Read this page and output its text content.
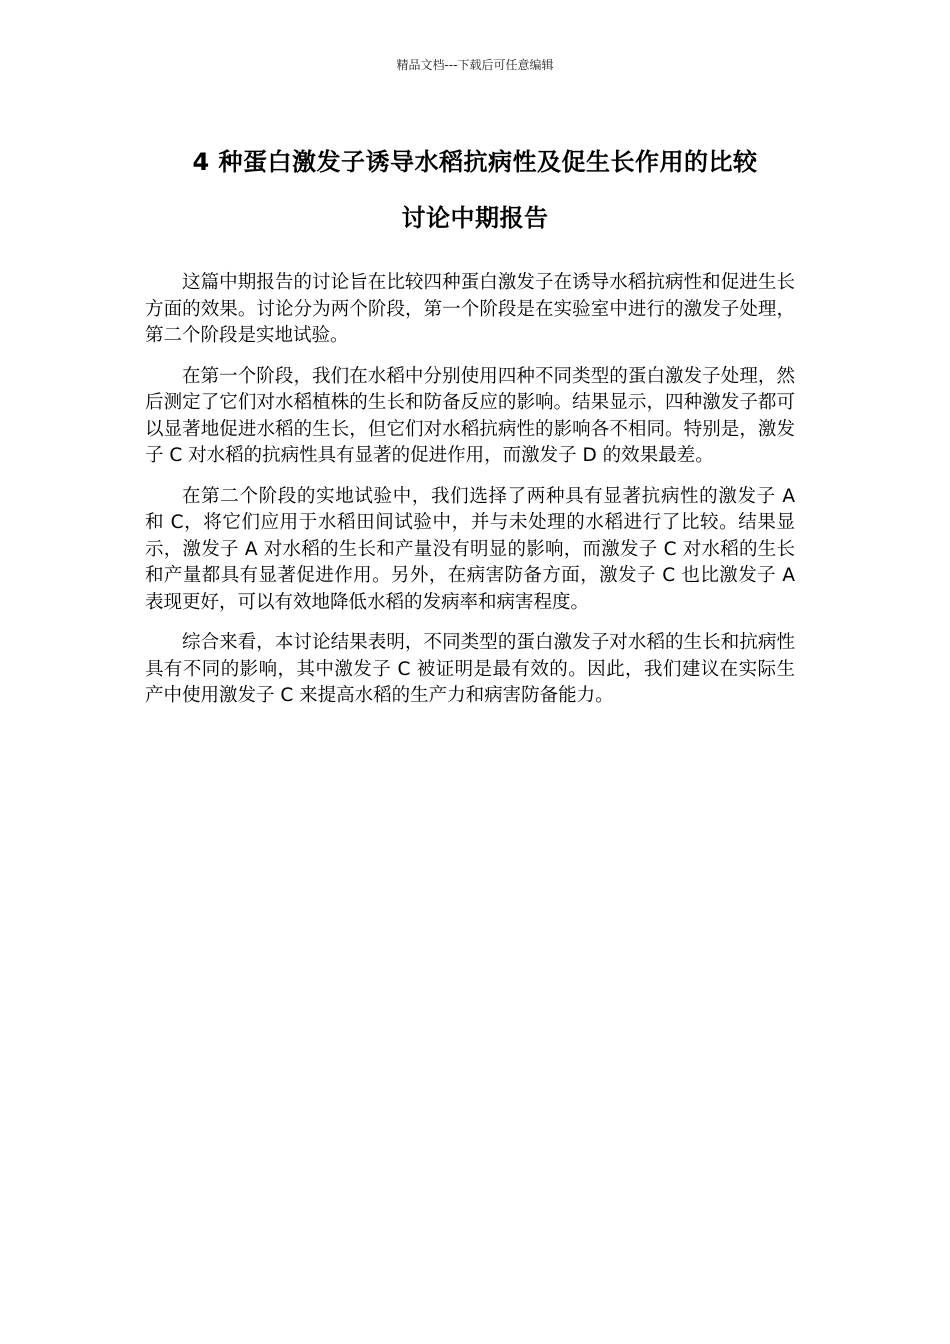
精品文档---下载后可任意编辑
4 种蛋白激发子诱导水稻抗病性及促生长作用的比较
讨论中期报告

这篇中期报告的讨论旨在比较四种蛋白激发子在诱导水稻抗病性和促进生长方面的效果。讨论分为两个阶段，第一个阶段是在实验室中进行的激发子处理，第二个阶段是实地试验。

在第一个阶段，我们在水稻中分别使用四种不同类型的蛋白激发子处理，然后测定了它们对水稻植株的生长和防备反应的影响。结果显示，四种激发子都可以显著地促进水稻的生长，但它们对水稻抗病性的影响各不相同。特别是，激发子 C 对水稻的抗病性具有显著的促进作用，而激发子 D 的效果最差。

在第二个阶段的实地试验中，我们选择了两种具有显著抗病性的激发子 A 和 C，将它们应用于水稻田间试验中，并与未处理的水稻进行了比较。结果显示，激发子 A 对水稻的生长和产量没有明显的影响，而激发子 C 对水稻的生长和产量都具有显著促进作用。另外，在病害防备方面，激发子 C 也比激发子 A 表现更好，可以有效地降低水稻的发病率和病害程度。

综合来看，本讨论结果表明，不同类型的蛋白激发子对水稻的生长和抗病性具有不同的影响，其中激发子 C 被证明是最有效的。因此，我们建议在实际生产中使用激发子 C 来提高水稻的生产力和病害防备能力。
